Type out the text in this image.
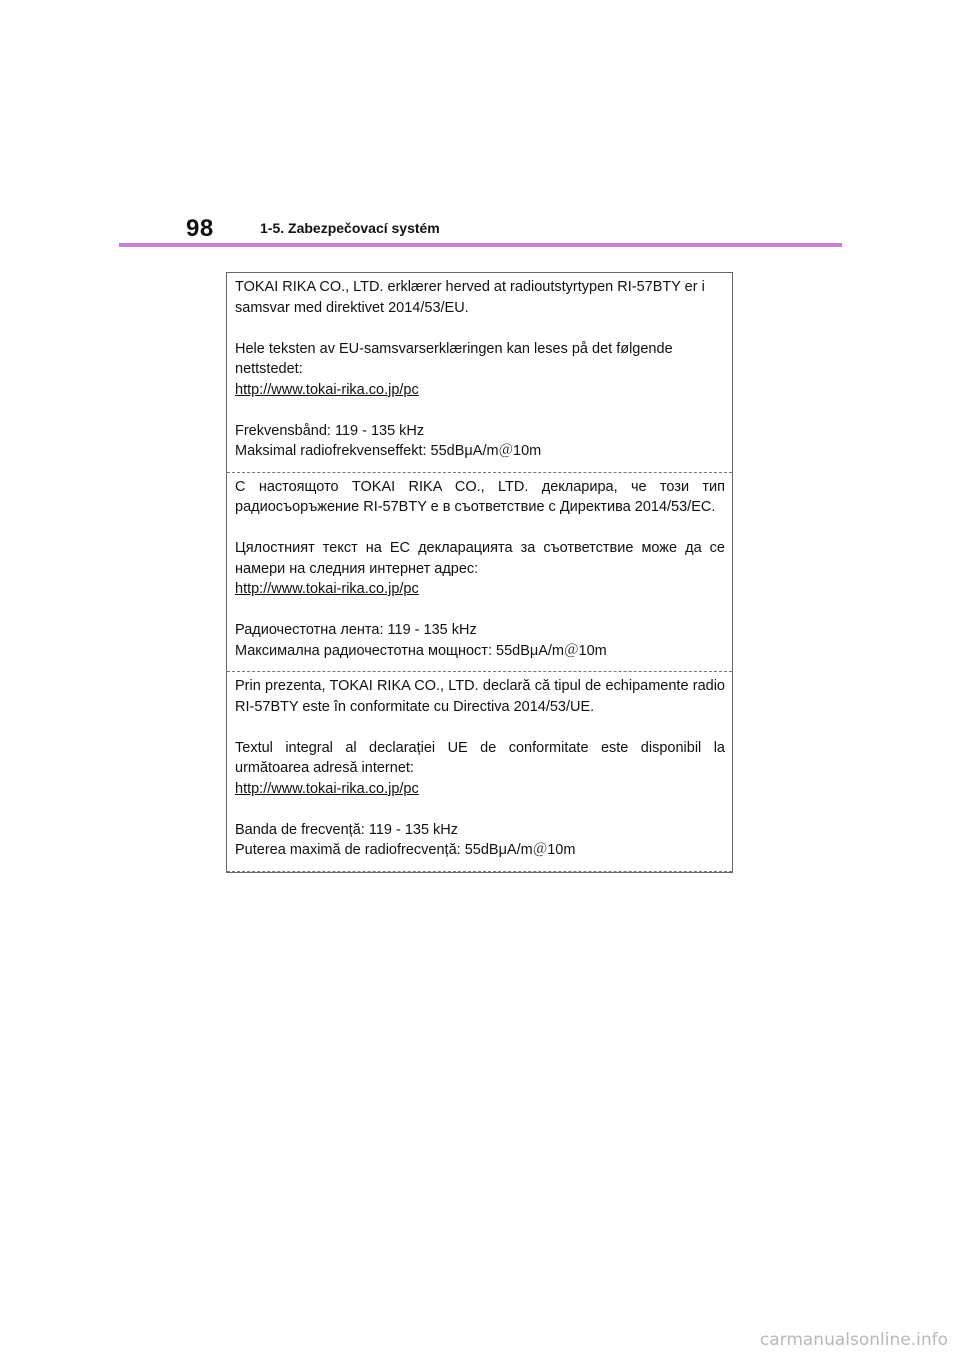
98	1-5. Zabezpečovací systém

TOKAI RIKA CO., LTD. erklærer herved at radioutstyrtypen RI-57BTY er i samsvar med direktivet 2014/53/EU.

Hele teksten av EU-samsvarserklæringen kan leses på det følgende nettstedet:
http://www.tokai-rika.co.jp/pc

Frekvensbånd: 119 - 135 kHz
Maksimal radiofrekvenseffekt: 55dBμA/m＠10m

С настоящото TOKAI RIKA CO., LTD. декларира, че този тип радиосъоръжение RI-57BTY е в съответствие с Директива 2014/53/ЕС.

Цялостният текст на ЕС декларацията за съответствие може да се намери на следния интернет адрес:
http://www.tokai-rika.co.jp/pc

Радиочестотна лента: 119 - 135 kHz
Максимална радиочестотна мощност: 55dBμA/m＠10m

Prin prezenta, TOKAI RIKA CO., LTD. declară că tipul de echipamente radio RI-57BTY este în conformitate cu Directiva 2014/53/UE.

Textul integral al declarației UE de conformitate este disponibil la următoarea adresă internet:
http://www.tokai-rika.co.jp/pc

Banda de frecvență: 119 - 135 kHz
Puterea maximă de radiofrecvență: 55dBμA/m＠10m

carmanualsonline.info
